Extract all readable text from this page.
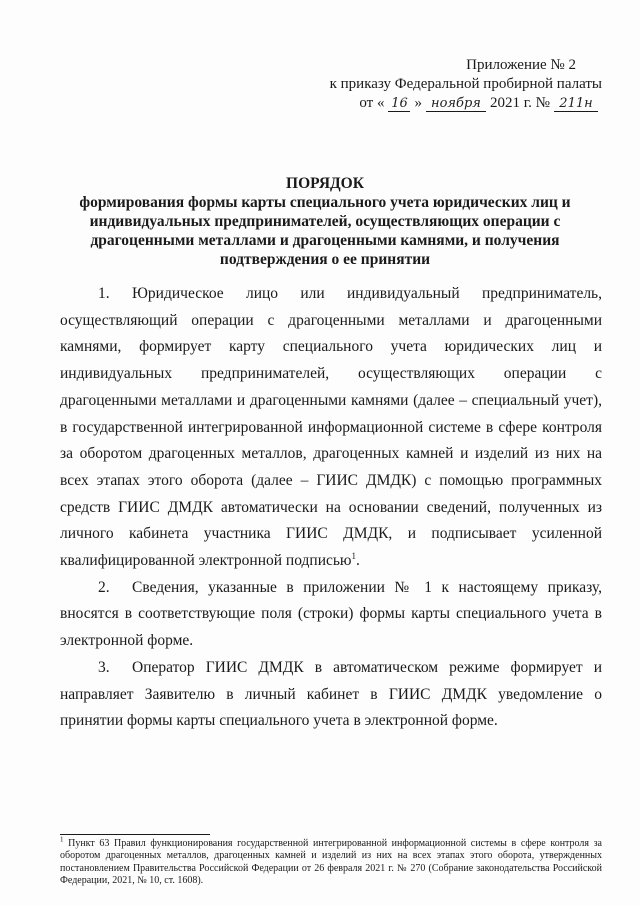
Приложение № 2
к приказу Федеральной пробирной палаты
от « 16 » ноября 2021 г. № 211н
ПОРЯДОК
формирования формы карты специального учета юридических лиц и индивидуальных предпринимателей, осуществляющих операции с драгоценными металлами и драгоценными камнями, и получения подтверждения о ее принятии

1. Юридическое лицо или индивидуальный предприниматель, осуществляющий операции с драгоценными металлами и драгоценными камнями, формирует карту специального учета юридических лиц и индивидуальных предпринимателей, осуществляющих операции с драгоценными металлами и драгоценными камнями (далее – специальный учет), в государственной интегрированной информационной системе в сфере контроля за оборотом драгоценных металлов, драгоценных камней и изделий из них на всех этапах этого оборота (далее – ГИИС ДМДК) с помощью программных средств ГИИС ДМДК автоматически на основании сведений, полученных из личного кабинета участника ГИИС ДМДК, и подписывает усиленной квалифицированной электронной подписью$^1$.

2. Сведения, указанные в приложении № 1 к настоящему приказу, вносятся в соответствующие поля (строки) формы карты специального учета в электронной форме.

3. Оператор ГИИС ДМДК в автоматическом режиме формирует и направляет Заявителю в личный кабинет в ГИИС ДМДК уведомление о принятии формы карты специального учета в электронной форме.

$^1$ Пункт 63 Правил функционирования государственной интегрированной информационной системы в сфере контроля за оборотом драгоценных металлов, драгоценных камней и изделий из них на всех этапах этого оборота, утвержденных постановлением Правительства Российской Федерации от 26 февраля 2021 г. № 270 (Собрание законодательства Российской Федерации, 2021, № 10, ст. 1608).
